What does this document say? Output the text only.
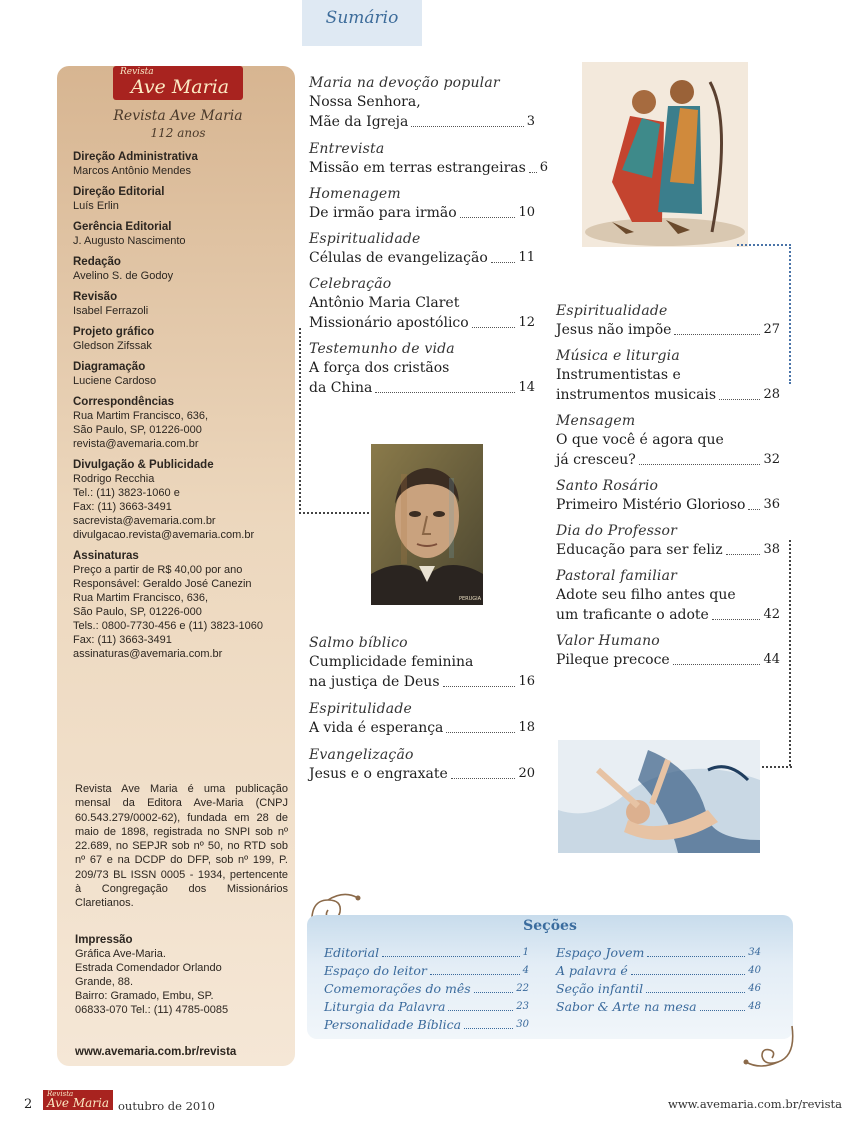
Sumário
Revista
Ave Maria
Revista Ave Maria
112 anos
Direção Administrativa
Marcos Antônio Mendes
Direção Editorial
Luís Erlin
Gerência Editorial
J. Augusto Nascimento
Redação
Avelino S. de Godoy
Revisão
Isabel Ferrazoli
Projeto gráfico
Gledson Zifssak
Diagramação
Luciene Cardoso
Correspondências
Rua Martim Francisco, 636,
São Paulo, SP, 01226-000
revista@avemaria.com.br
Divulgação & Publicidade
Rodrigo Recchia
Tel.: (11) 3823-1060 e
Fax: (11) 3663-3491
sacrevista@avemaria.com.br
divulgacao.revista@avemaria.com.br
Assinaturas
Preço a partir de R$ 40,00 por ano
Responsável: Geraldo José Canezin
Rua Martim Francisco, 636,
São Paulo, SP, 01226-000
Tels.: 0800-7730-456 e (11) 3823-1060
Fax: (11) 3663-3491
assinaturas@avemaria.com.br
Revista Ave Maria é uma publicação mensal da Editora Ave-Maria (CNPJ 60.543.279/0002-62), fundada em 28 de maio de 1898, registrada no SNPI sob nº 22.689, no SEPJR sob nº 50, no RTD sob nº 67 e na DCDP do DFP, sob nº 199, P. 209/73 BL ISSN 0005 - 1934, pertencente à Congregação dos Missionários Claretianos.
Impressão
Gráfica Ave-Maria.
Estrada Comendador Orlando
Grande, 88.
Bairro: Gramado, Embu, SP.
06833-070 Tel.: (11) 4785-0085
www.avemaria.com.br/revista
Maria na devoção popular
Nossa Senhora,
Mãe da Igreja	3
Entrevista
Missão em terras estrangeiras 6
Homenagem
De irmão para irmão	10
Espiritualidade
Células de evangelização 11
Celebração
Antônio Maria Claret
Missionário apostólico	12
Testemunho de vida
A força dos cristãos
da China	14
PERUGIA
Salmo bíblico
Cumplicidade feminina
na justiça de Deus	16
Espiritulidade
A vida é esperança	18
Evangelização
Jesus e o engraxate	20
Espiritualidade
Jesus não impõe	27
Música e liturgia
Instrumentistas e
instrumentos musicais	28
Mensagem
O que você é agora que
já cresceu?	32
Santo Rosário
Primeiro Mistério Glorioso 36
Dia do Professor
Educação para ser feliz	38
Pastoral familiar
Adote seu filho antes que
um traficante o adote	42
Valor Humano
Pileque precoce	44
Seções
Editorial	1
Espaço do leitor	4
Comemorações do mês	22
Liturgia da Palavra	23
Personalidade Bíblica	30
Espaço Jovem	34
A palavra é	40
Seção infantil	46
Sabor & Arte na mesa	48
2
Revista
Ave Maria outubro de 2010	www.avemaria.com.br/revista
